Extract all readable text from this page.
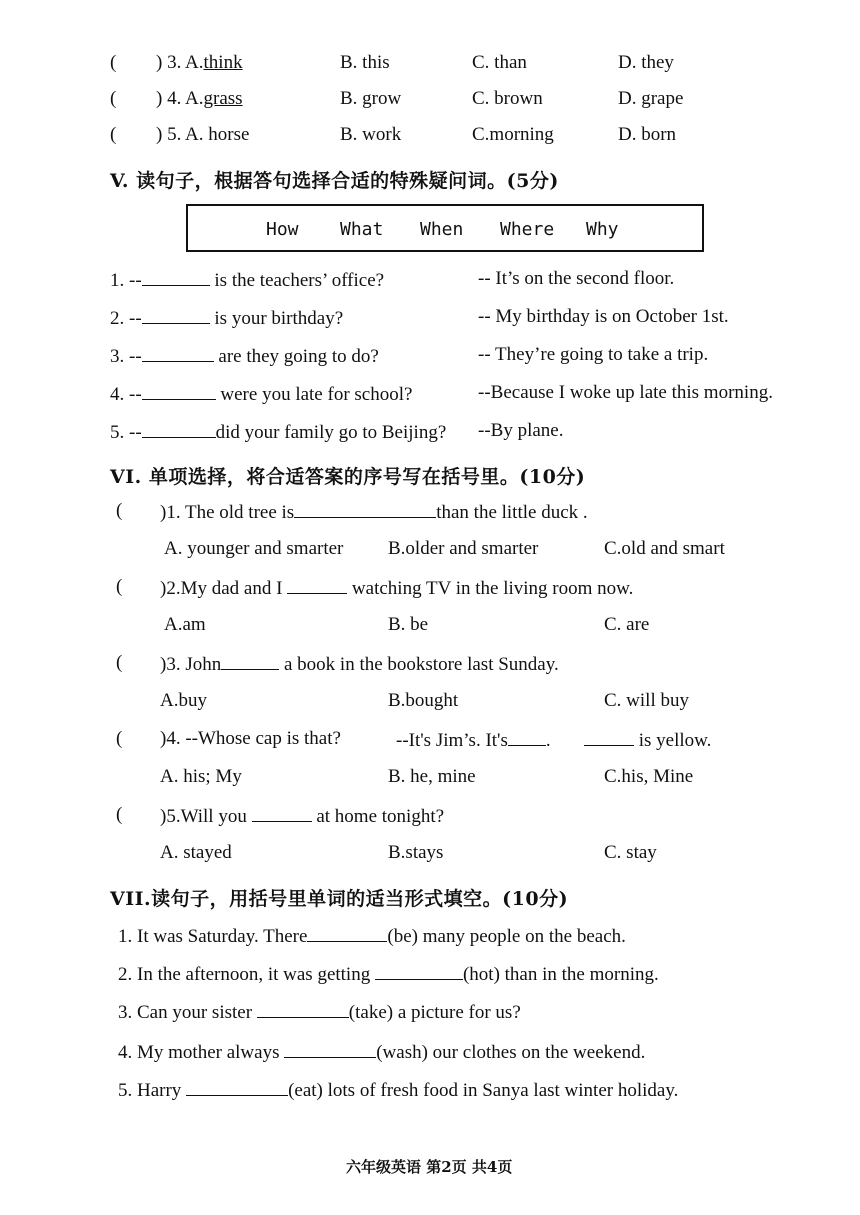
( ) 3. A.think	B. this	C. than	D. they
( ) 4. A.grass	B. grow	C. brown	D. grape
( ) 5. A. horse	B. work	C.morning	D. born
V. 读句子，根据答句选择合适的特殊疑问词。(5分)
How What When Where Why
1. --	is the teachers’ office?	-- It’s on the second floor.
2. --	is your birthday?	-- My birthday is on October 1st.
3. --	are they going to do?	-- They’re going to take a trip.
4. --	were you late for school?	--Because I woke up late this morning.
5. --	did your family go to Beijing? --By plane.
VI. 单项选择，将合适答案的序号写在括号里。(10分)
( )1. The old tree is	than the little duck .
A. younger and smarter B.older and smarter	C.old and smart
( )2.My dad and I	watching TV in the living room now.
A.am	B. be	C. are
( )3. John	a book in the bookstore last Sunday.
A.buy	B.bought	C. will buy
( )4. --Whose cap is that?	--It's Jim’s. It's .	is yellow.
A. his; My	B. he, mine	C.his, Mine
( )5.Will you	at home tonight?
A. stayed	B.stays	C. stay
VII.读句子，用括号里单词的适当形式填空。(10分)
1. It was Saturday. There	(be) many people on the beach.
2. In the afternoon, it was getting	(hot) than in the morning.
3. Can your sister	(take) a picture for us?
4. My mother always	(wash) our clothes on the weekend.
5. Harry	(eat) lots of fresh food in Sanya last winter holiday.
六年级英语 第2页 共4页
